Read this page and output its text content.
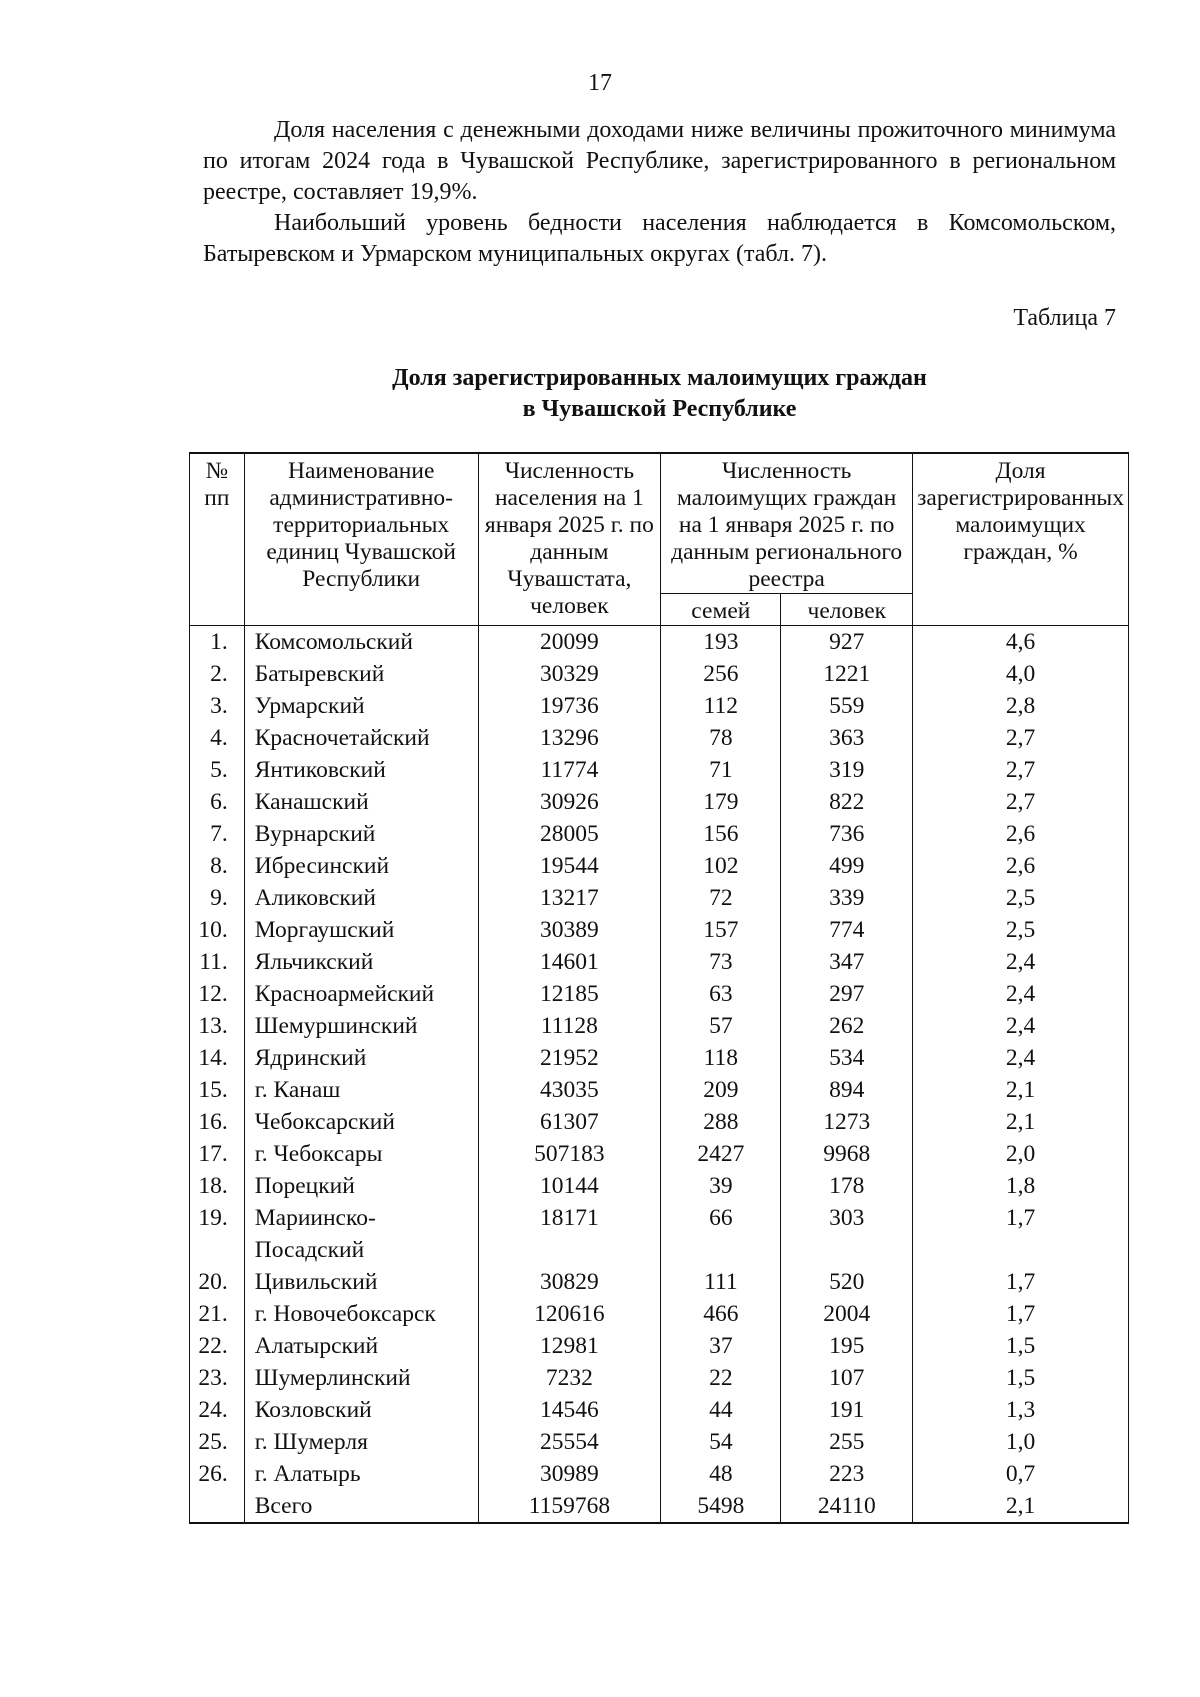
17

Доля населения с денежными доходами ниже величины прожиточного минимума по итогам 2024 года в Чувашской Республике, зарегистрированного в региональном реестре, составляет 19,9%.

Наибольший уровень бедности населения наблюдается в Комсомольском, Батыревском и Урмарском муниципальных округах (табл. 7).

Таблица 7
Доля зарегистрированных малоимущих граждан
в Чувашской Республике
№ пп	Наименование административно-территориальных единиц Чувашской Республики	Численность населения на 1 января 2025 г. по данным Чувашстата, человек	Численность малоимущих граждан на 1 января 2025 г. по данным регионального реестра		Доля зарегистрированных малоимущих граждан, %
			семей	человек	
1.	Комсомольский	20099	193	927	4,6
2.	Батыревский	30329	256	1221	4,0
3.	Урмарский	19736	112	559	2,8
4.	Красночетайский	13296	78	363	2,7
5.	Янтиковский	11774	71	319	2,7
6.	Канашский	30926	179	822	2,7
7.	Вурнарский	28005	156	736	2,6
8.	Ибресинский	19544	102	499	2,6
9.	Аликовский	13217	72	339	2,5
10.	Моргаушский	30389	157	774	2,5
11.	Яльчикский	14601	73	347	2,4
12.	Красноармейский	12185	63	297	2,4
13.	Шемуршинский	11128	57	262	2,4
14.	Ядринский	21952	118	534	2,4
15.	г. Канаш	43035	209	894	2,1
16.	Чебоксарский	61307	288	1273	2,1
17.	г. Чебоксары	507183	2427	9968	2,0
18.	Порецкий	10144	39	178	1,8
19.	Мариинско-Посадский	18171	66	303	1,7
20.	Цивильский	30829	111	520	1,7
21.	г. Новочебоксарск	120616	466	2004	1,7
22.	Алатырский	12981	37	195	1,5
23.	Шумерлинский	7232	22	107	1,5
24.	Козловский	14546	44	191	1,3
25.	г. Шумерля	25554	54	255	1,0
26.	г. Алатырь	30989	48	223	0,7
	Всего	1159768	5498	24110	2,1
